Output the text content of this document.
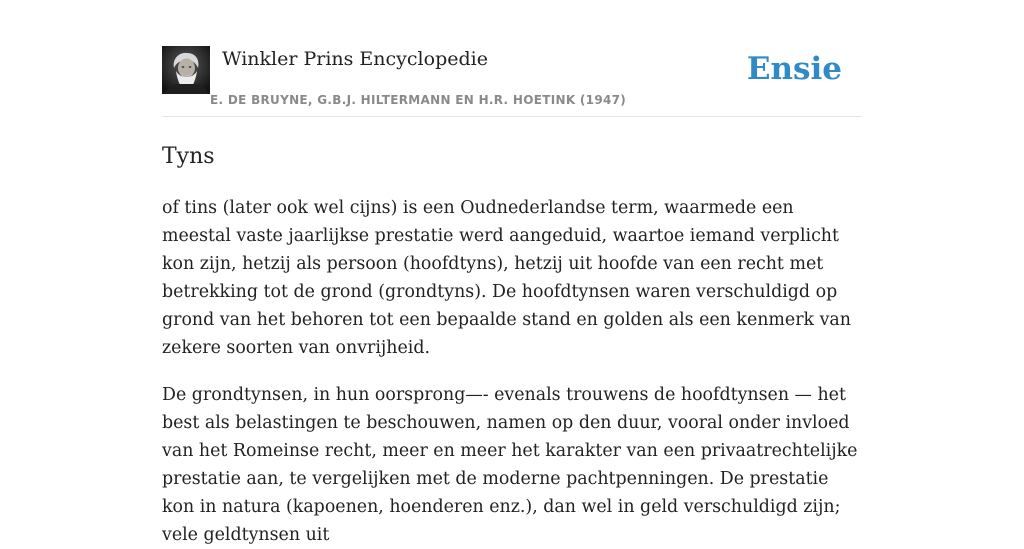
Winkler Prins Encyclopedie
E. DE BRUYNE, G.B.J. HILTERMANN EN H.R. HOETINK (1947)
Ensie
Tyns

of tins (later ook wel cijns) is een Oudnederlandse term, waarmede een meestal vaste jaarlijkse prestatie werd aangeduid, waartoe iemand verplicht kon zijn, hetzij als persoon (hoofdtyns), hetzij uit hoofde van een recht met betrekking tot de grond (grondtyns). De hoofdtynsen waren verschuldigd op grond van het behoren tot een bepaalde stand en golden als een kenmerk van zekere soorten van onvrijheid.

De grondtynsen, in hun oorsprong—- evenals trouwens de hoofdtynsen — het best als belastingen te beschouwen, namen op den duur, vooral onder invloed van het Romeinse recht, meer en meer het karakter van een privaatrechtelijke prestatie aan, te vergelijken met de moderne pachtpenningen. De prestatie kon in natura (kapoenen, hoenderen enz.), dan wel in geld verschuldigd zijn; vele geldtynsen uit
